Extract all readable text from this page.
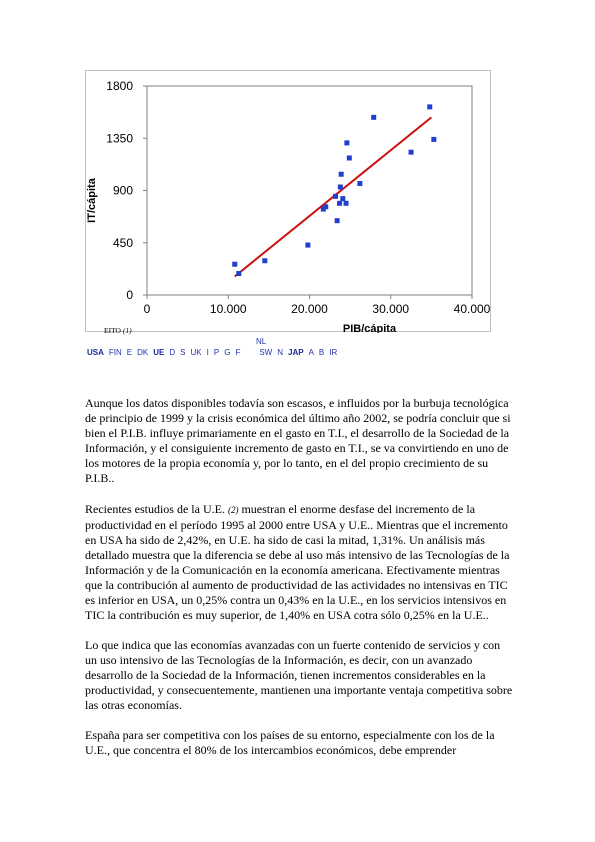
0	10.000	20.000	30.000	40.000
0
450
900
1350
1800
PIB/cápita
IT/cápita
EITO (1)
NL
USA FIN E DK UE D S UK I P G F SW N JAP A B IR

Aunque los datos disponibles todavía son escasos, e influidos por la burbuja tecnológica de principio de 1999 y la crisis económica del último año 2002, se podría concluir que si bien el P.I.B. influye primariamente en el gasto en T.I., el desarrollo de la Sociedad de la Información, y el consiguiente incremento de gasto en T.I., se va convirtiendo en uno de los motores de la propia economía y, por lo tanto, en el del propio crecimiento de su P.I.B..

Recientes estudios de la U.E. (2) muestran el enorme desfase del incremento de la productividad en el período 1995 al 2000 entre USA y U.E.. Mientras que el incremento en USA ha sido de 2,42%, en U.E. ha sido de casi la mitad, 1,31%. Un análisis más detallado muestra que la diferencia se debe al uso más intensivo de las Tecnologías de la Información y de la Comunicación en la economía americana. Efectivamente mientras que la contribución al aumento de productividad de las actividades no intensivas en TIC es inferior en USA, un 0,25% contra un 0,43% en la U.E., en los servicios intensivos en TIC la contribución es muy superior, de 1,40% en USA cotra sólo 0,25% en la U.E..

Lo que indica que las economías avanzadas con un fuerte contenido de servicios y con un uso intensivo de las Tecnologías de la Información, es decir, con un avanzado desarrollo de la Sociedad de la Información, tienen incrementos considerables en la productividad, y consecuentemente, mantienen una importante ventaja competitiva sobre las otras economías.

España para ser competitiva con los países de su entorno, especialmente con los de la U.E., que concentra el 80% de los intercambios económicos, debe emprender
